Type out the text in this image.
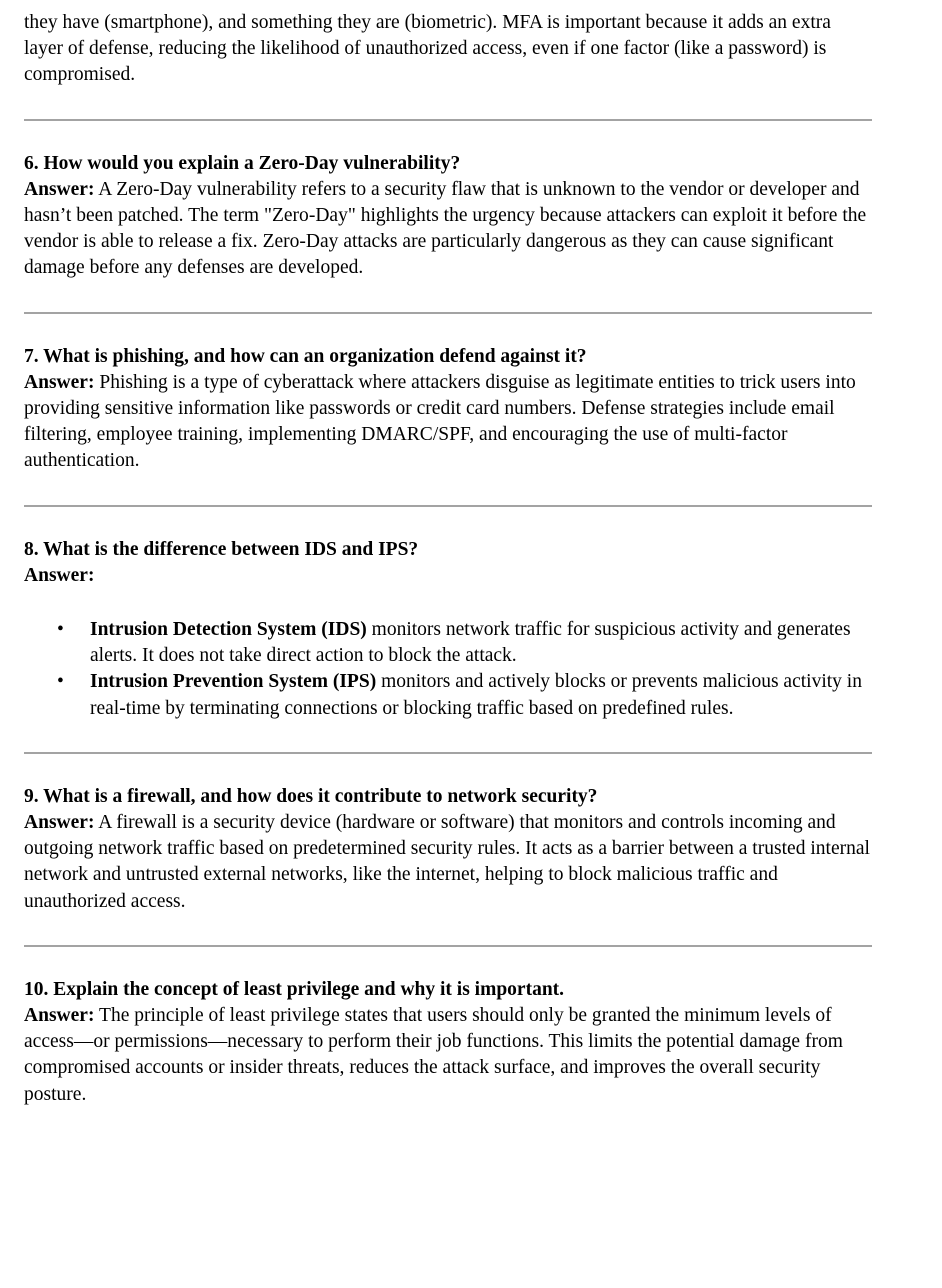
they have (smartphone), and something they are (biometric). MFA is important because it adds an extra layer of defense, reducing the likelihood of unauthorized access, even if one factor (like a password) is compromised.

6. How would you explain a Zero-Day vulnerability?

Answer: A Zero-Day vulnerability refers to a security flaw that is unknown to the vendor or developer and hasn’t been patched. The term "Zero-Day" highlights the urgency because attackers can exploit it before the vendor is able to release a fix. Zero-Day attacks are particularly dangerous as they can cause significant damage before any defenses are developed.

7. What is phishing, and how can an organization defend against it?

Answer: Phishing is a type of cyberattack where attackers disguise as legitimate entities to trick users into providing sensitive information like passwords or credit card numbers. Defense strategies include email filtering, employee training, implementing DMARC/SPF, and encouraging the use of multi-factor authentication.

8. What is the difference between IDS and IPS?

Answer:

• Intrusion Detection System (IDS) monitors network traffic for suspicious activity and generates alerts. It does not take direct action to block the attack.
• Intrusion Prevention System (IPS) monitors and actively blocks or prevents malicious activity in real-time by terminating connections or blocking traffic based on predefined rules.
9. What is a firewall, and how does it contribute to network security?

Answer: A firewall is a security device (hardware or software) that monitors and controls incoming and outgoing network traffic based on predetermined security rules. It acts as a barrier between a trusted internal network and untrusted external networks, like the internet, helping to block malicious traffic and unauthorized access.

10. Explain the concept of least privilege and why it is important.

Answer: The principle of least privilege states that users should only be granted the minimum levels of access—or permissions—necessary to perform their job functions. This limits the potential damage from compromised accounts or insider threats, reduces the attack surface, and improves the overall security posture.
